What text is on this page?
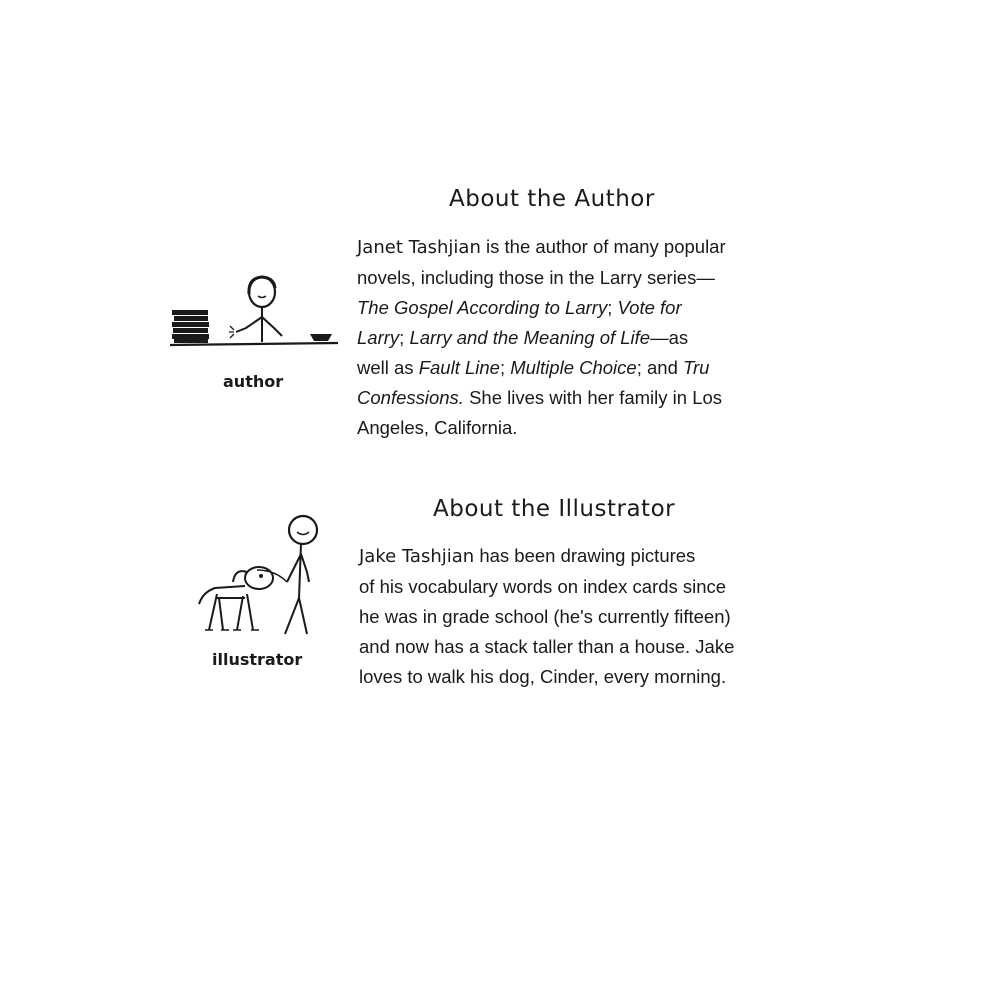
About the Author
author
Janet Tashjian is the author of many popular
novels, including those in the Larry series—
The Gospel According to Larry; Vote for
Larry; Larry and the Meaning of Life—as
well as Fault Line; Multiple Choice; and Tru
Confessions. She lives with her family in Los
Angeles, California.
About the Illustrator
illustrator
Jake Tashjian has been drawing pictures
of his vocabulary words on index cards since
he was in grade school (he's currently fifteen)
and now has a stack taller than a house. Jake
loves to walk his dog, Cinder, every morning.
